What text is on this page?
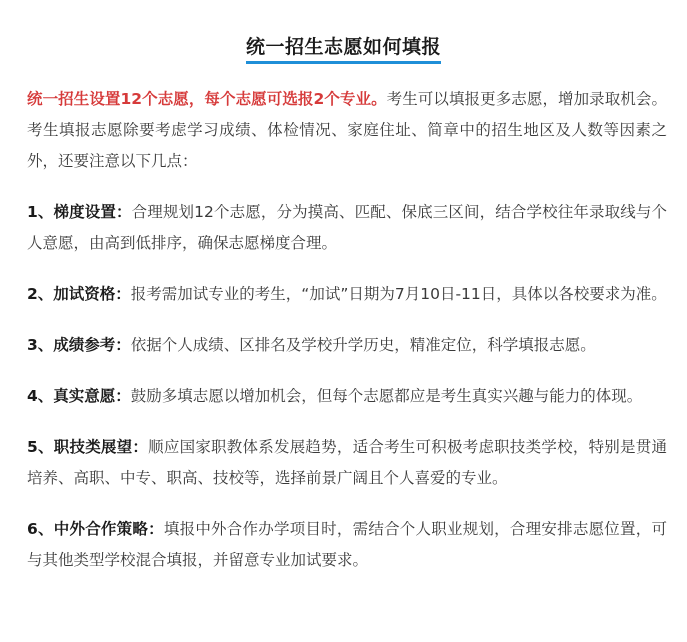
统一招生志愿如何填报

统一招生设置12个志愿，每个志愿可选报2个专业。考生可以填报更多志愿，增加录取机会。考生填报志愿除要考虑学习成绩、体检情况、家庭住址、简章中的招生地区及人数等因素之外，还要注意以下几点：

1、梯度设置：合理规划12个志愿，分为摸高、匹配、保底三区间，结合学校往年录取线与个人意愿，由高到低排序，确保志愿梯度合理。

2、加试资格：报考需加试专业的考生，“加试”日期为7月10日-11日，具体以各校要求为准。

3、成绩参考：依据个人成绩、区排名及学校升学历史，精准定位，科学填报志愿。

4、真实意愿：鼓励多填志愿以增加机会，但每个志愿都应是考生真实兴趣与能力的体现。

5、职技类展望：顺应国家职教体系发展趋势，适合考生可积极考虑职技类学校，特别是贯通培养、高职、中专、职高、技校等，选择前景广阔且个人喜爱的专业。

6、中外合作策略：填报中外合作办学项目时，需结合个人职业规划，合理安排志愿位置，可与其他类型学校混合填报，并留意专业加试要求。
